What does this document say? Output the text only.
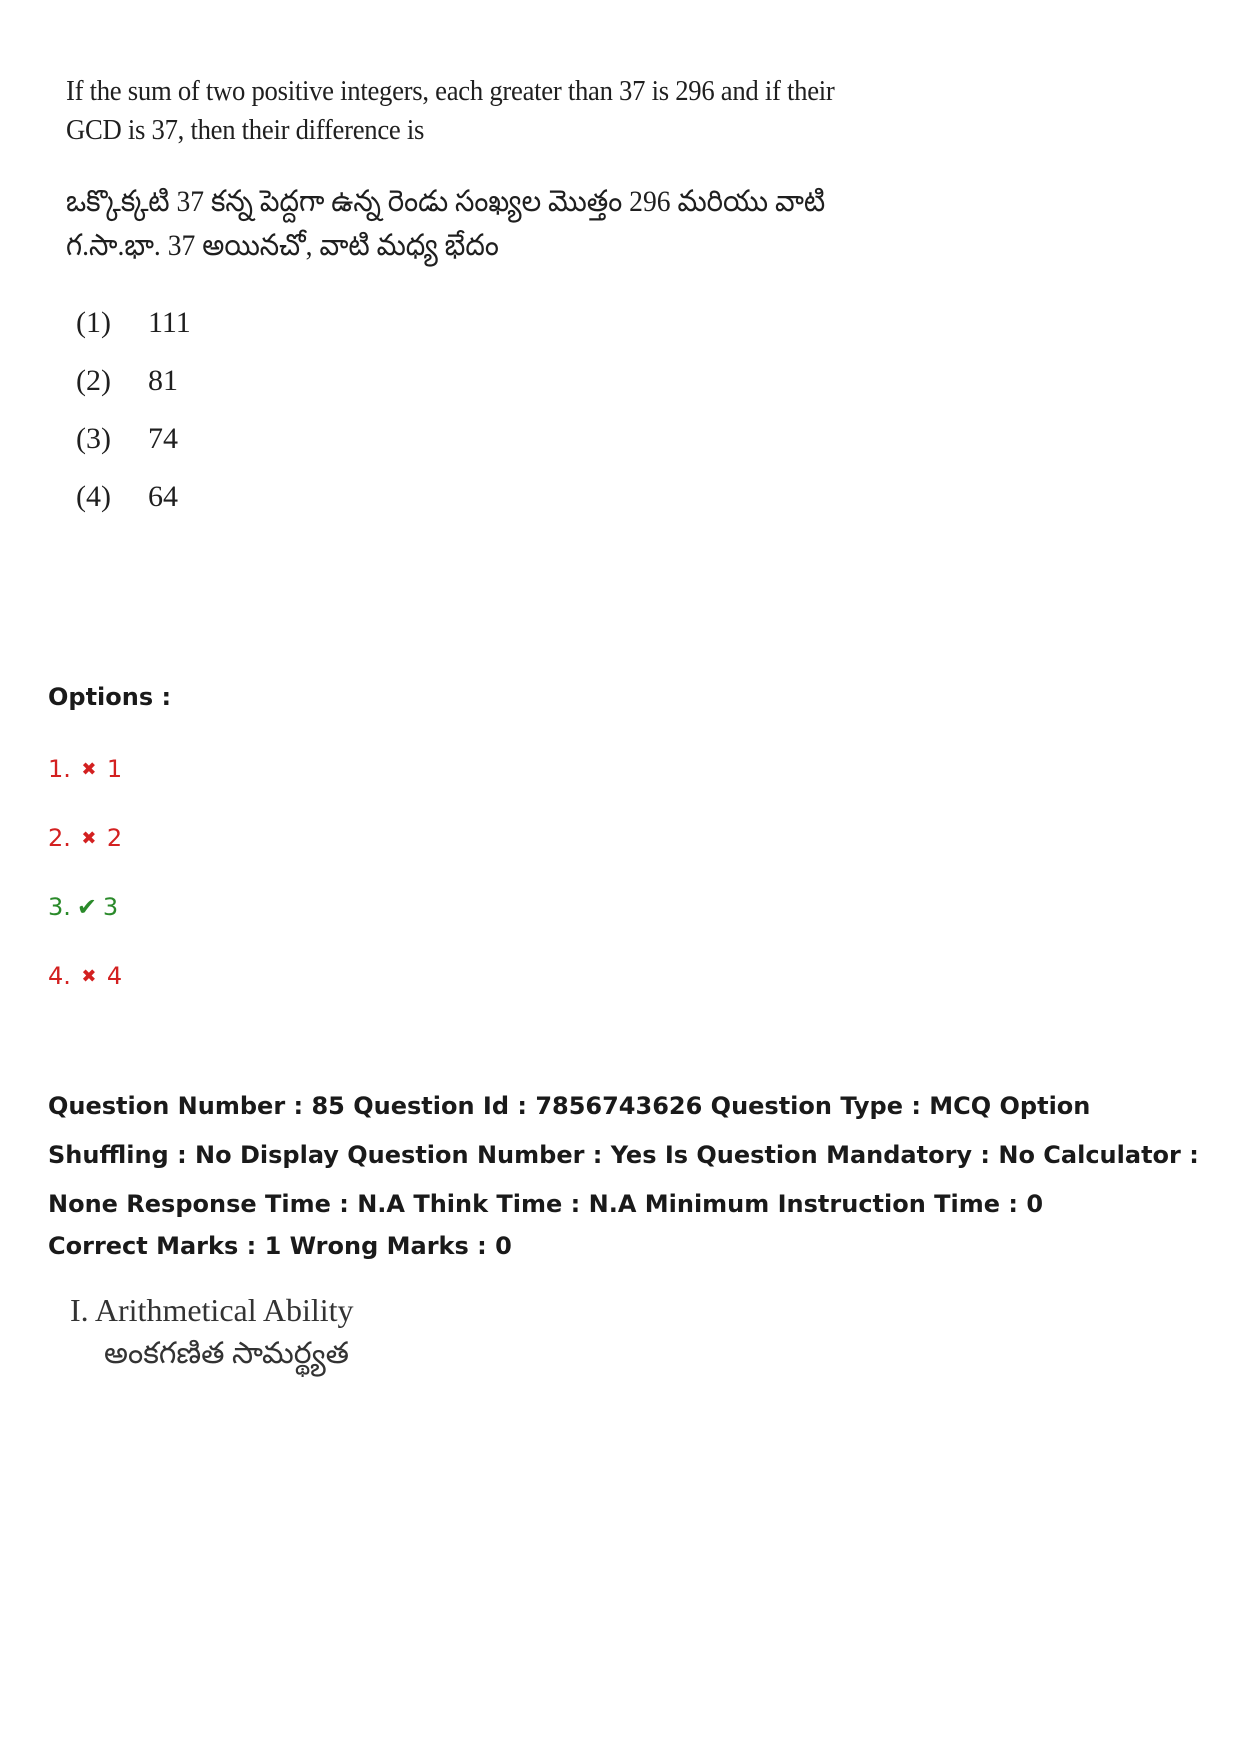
If the sum of two positive integers, each greater than 37 is 296 and if their GCD is 37, then their difference is
ఒక్కొక్కటి 37 కన్న పెద్దగా ఉన్న రెండు సంఖ్యల మొత్తం 296 మరియు వాటి గ.సా.భా. 37 అయినచో, వాటి మధ్య భేదం
(1)	111
(2)	81
(3)	74
(4)	64
Options :
1. ✖ 1
2. ✖ 2
3. ✔ 3
4. ✖ 4
Question Number : 85 Question Id : 7856743626 Question Type : MCQ Option Shuffling : No Display Question Number : Yes Is Question Mandatory : No Calculator : None Response Time : N.A Think Time : N.A Minimum Instruction Time : 0
Correct Marks : 1 Wrong Marks : 0
I. Arithmetical Ability
అంకగణిత సామర్థ్యత
